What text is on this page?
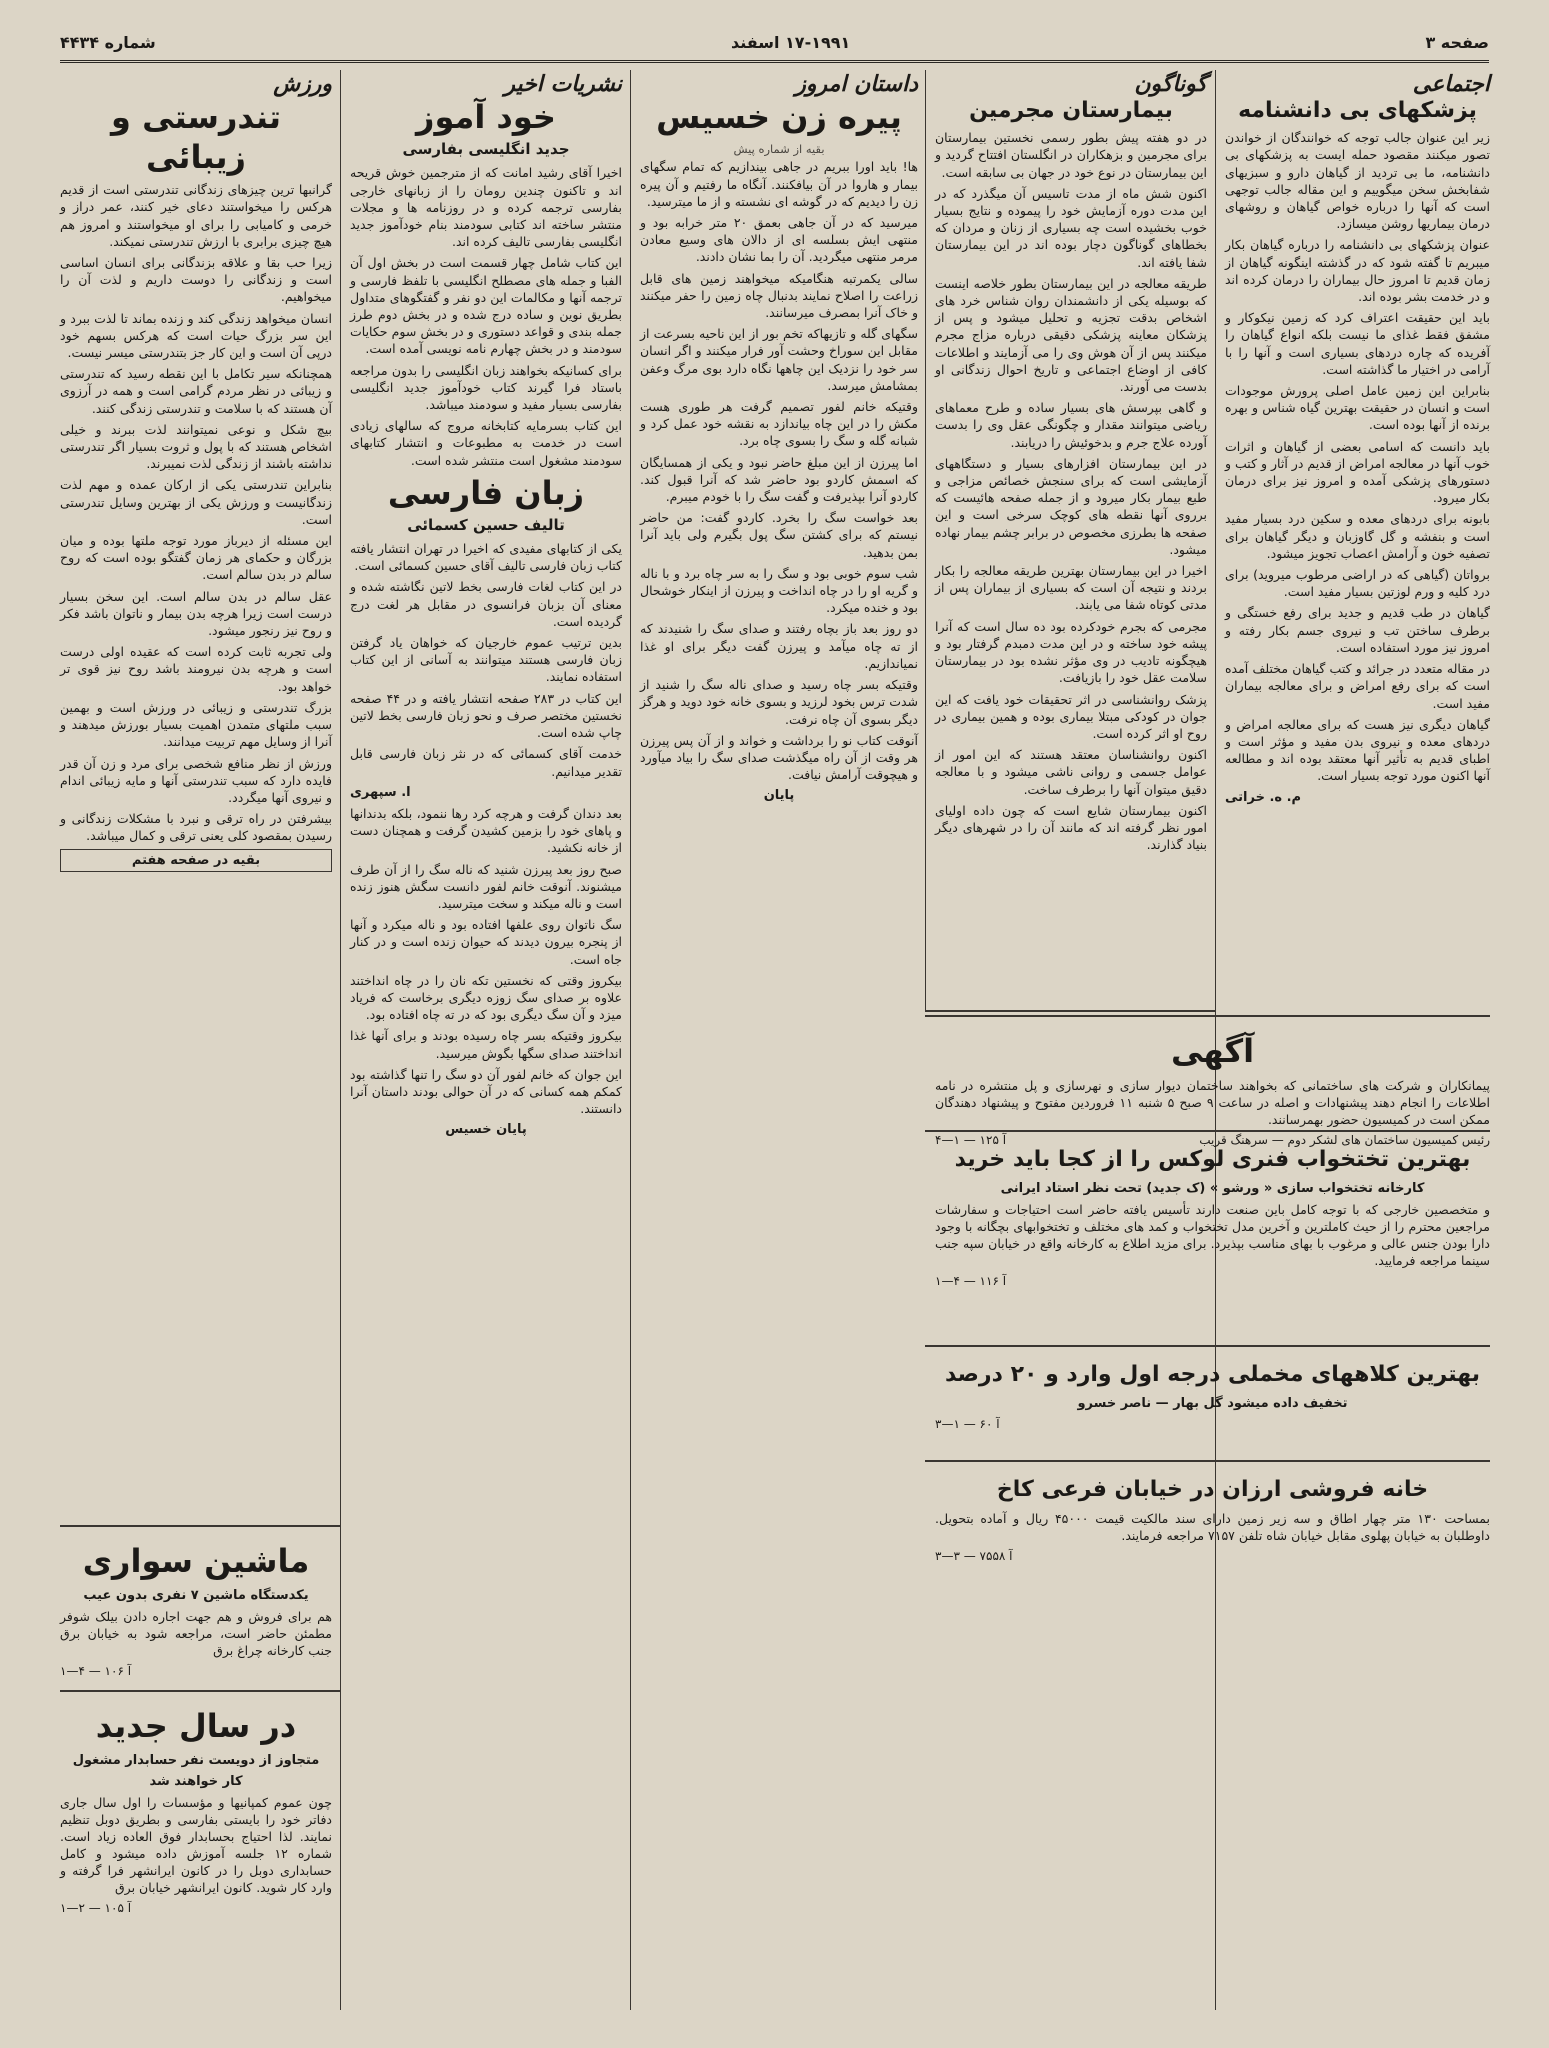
صفحه ۳
۱۷-۱۹۹۱ اسفند
شماره ۴۴۳۴
اجتماعی
پزشکهای بی دانشنامه

زیر این عنوان جالب توجه که خوانندگان از خواندن تصور میکنند مقصود حمله ایست به پزشکهای بی دانشنامه، ما بی تردید از گیاهان دارو و سبزیهای شفابخش سخن میگوییم و این مقاله جالب توجهی است که آنها را درباره خواص گیاهان و روشهای درمان بیماریها روشن میسازد.

عنوان پزشکهای بی دانشنامه را درباره گیاهان بکار میبریم تا گفته شود که در گذشته اینگونه گیاهان از زمان قدیم تا امروز حال بیماران را درمان کرده اند و در خدمت بشر بوده اند.

باید این حقیقت اعتراف کرد که زمین نیکوکار و مشفق فقط غذای ما نیست بلکه انواع گیاهان را آفریده که چاره دردهای بسیاری است و آنها را با آرامی در اختیار ما گذاشته است.

بنابراین این زمین عامل اصلی پرورش موجودات است و انسان در حقیقت بهترین گیاه شناس و بهره برنده از آنها بوده است.

باید دانست که اسامی بعضی از گیاهان و اثرات خوب آنها در معالجه امراض از قدیم در آثار و کتب و دستورهای پزشکی آمده و امروز نیز برای درمان بکار میرود.

بابونه برای دردهای معده و سکین درد بسیار مفید است و بنفشه و گل گاوزبان و دیگر گیاهان برای تصفیه خون و آرامش اعصاب تجویز میشود.

برواتان (گیاهی که در اراضی مرطوب میروید) برای درد کلیه و ورم لوزتین بسیار مفید است.

گیاهان در طب قدیم و جدید برای رفع خستگی و برطرف ساختن تب و نیروی جسم بکار رفته و امروز نیز مورد استفاده است.

در مقاله متعدد در جرائد و کتب گیاهان مختلف آمده است که برای رفع امراض و برای معالجه بیماران مفید است.

گیاهان دیگری نیز هست که برای معالجه امراض و دردهای معده و نیروی بدن مفید و مؤثر است و اطبای قدیم به تأثیر آنها معتقد بوده اند و مطالعه آنها اکنون مورد توجه بسیار است.

م. ه. خراتی
گوناگون
بیمارستان مجرمین

در دو هفته پیش بطور رسمی نخستین بیمارستان برای مجرمین و بزهکاران در انگلستان افتتاح گردید و این بیمارستان در نوع خود در جهان بی سابقه است.

اکنون شش ماه از مدت تاسیس آن میگذرد که در این مدت دوره آزمایش خود را پیموده و نتایج بسیار خوب بخشیده است چه بسیاری از زنان و مردان که بخطاهای گوناگون دچار بوده اند در این بیمارستان شفا یافته اند.

طریقه معالجه در این بیمارستان بطور خلاصه اینست که بوسیله یکی از دانشمندان روان شناس خرد های اشخاص بدقت تجزیه و تحلیل میشود و پس از پزشکان معاینه پزشکی دقیقی درباره مزاج مجرم میکنند پس از آن هوش وی را می آزمایند و اطلاعات کافی از اوضاع اجتماعی و تاریخ احوال زندگانی او بدست می آورند.

و گاهی بپرسش های بسیار ساده و طرح معماهای ریاضی میتوانند مقدار و چگونگی عقل وی را بدست آورده علاج جرم و بدخوئیش را دریابند.

در این بیمارستان افزارهای بسیار و دستگاههای آزمایشی است که برای سنجش خصائص مزاجی و طبع بیمار بکار میرود و از جمله صفحه هائیست که برروی آنها نقطه های کوچک سرخی است و این صفحه ها بطرزی مخصوص در برابر چشم بیمار نهاده میشود.

اخیرا در این بیمارستان بهترین طریقه معالجه را بکار بردند و نتیجه آن است که بسیاری از بیماران پس از مدتی کوتاه شفا می یابند.

مجرمی که بجرم خودکرده بود ده سال است که آنرا پیشه خود ساخته و در این مدت دمبدم گرفتار بود و هیچگونه تادیب در وی مؤثر نشده بود در بیمارستان سلامت عقل خود را بازیافت.

پزشک روانشناسی در اثر تحقیقات خود یافت که این جوان در کودکی مبتلا بیماری بوده و همین بیماری در روح او اثر کرده است.

اکنون روانشناسان معتقد هستند که این امور از عوامل جسمی و روانی ناشی میشود و با معالجه دقیق میتوان آنها را برطرف ساخت.

اکنون بیمارستان شایع است که چون داده اولیای امور نظر گرفته اند که مانند آن را در شهرهای دیگر بنیاد گذارند.

آگهی
پیمانکاران و شرکت های ساختمانی که بخواهند ساختمان دیوار سازی و نهرسازی و پل منتشره در نامه اطلاعات را انجام دهند پیشنهادات و اصله در ساعت ۹ صبح ۵ شنبه ۱۱ فروردین مفتوح و پیشنهاد دهندگان ممکن است در کمیسیون حضور بهمرسانند.
رئیس کمیسیون ساختمان های لشکر دوم — سرهنگ قریب
آ ۱۲۵ — ۱—۴
بهترین تختخواب فنری لوکس را از کجا باید خرید
کارخانه تختخواب سازی « ورشو » (ک جدید) تحت نظر استاد ایرانی
و متخصصین خارجی که با توجه کامل باین صنعت دارند تأسیس یافته حاضر است احتیاجات و سفارشات مراجعین محترم را از حیث کاملترین و آخرین مدل تختخواب و کمد های مختلف و تختخوابهای بچگانه با وجود دارا بودن جنس عالی و مرغوب با بهای مناسب بپذیرد. برای مزید اطلاع به کارخانه واقع در خیابان سپه جنب سینما مراجعه فرمایید.
آ ۱۱۶ — ۴—۱
بهترین کلاههای مخملی درجه اول وارد و ۲۰ درصد
تخفیف داده میشود گل بهار — ناصر خسرو
آ ۶۰ — ۱—۳
خانه فروشی ارزان در خیابان فرعی کاخ
بمساحت ۱۳۰ متر چهار اطاق و سه زیر زمین دارای سند مالکیت قیمت ۴۵۰۰۰ ریال و آماده بتحویل. داوطلبان به خیابان پهلوی مقابل خیابان شاه تلفن ۷۱۵۷ مراجعه فرمایند.
آ ۷۵۵۸ — ۳—۳
داستان امروز
پیره زن خسیس
بقیه از شماره پیش

ها! باید اورا ببریم در جاهی بیندازیم که تمام سگهای بیمار و هاروا در آن بیافکنند. آنگاه ما رفتیم و آن پیره زن را دیدیم که در گوشه ای نشسته و از ما میترسید.

میرسید که در آن جاهی بعمق ۲۰ متر خرابه بود و منتهی ایش بسلسه ای از دالان های وسیع معادن مرمر منتهی میگردید. آن را بما نشان دادند.

سالی یکمرتبه هنگامیکه میخواهند زمین های قابل زراعت را اصلاح نمایند بدنبال چاه زمین را حفر میکنند و خاک آنرا بمصرف میرسانند.

سگهای گله و تازیهاکه تخم بور از این ناحیه بسرعت از مقابل این سوراخ وحشت آور فرار میکنند و اگر انسان سر خود را نزدیک این چاهها نگاه دارد بوی مرگ وعفن بمشامش میرسد.

وقتیکه خانم لفور تصمیم گرفت هر طوری هست مکش را در این چاه بیاندازد به نقشه خود عمل کرد و شبانه گله و سگ را بسوی چاه برد.

اما پیرزن از این مبلغ حاضر نبود و یکی از همسایگان که اسمش کاردو بود حاضر شد که آنرا قبول کند. کاردو آنرا بپذیرفت و گفت سگ را با خودم میبرم.

بعد خواست سگ را بخرد. کاردو گفت: من حاضر نیستم که برای کشتن سگ پول بگیرم ولی باید آنرا بمن بدهید.

شب سوم خوبی بود و سگ را به سر چاه برد و با ناله و گریه او را در چاه انداخت و پیرزن از اینکار خوشحال بود و خنده میکرد.

دو روز بعد باز بچاه رفتند و صدای سگ را شنیدند که از ته چاه میآمد و پیرزن گفت دیگر برای او غذا نمیاندازیم.

وقتیکه بسر چاه رسید و صدای ناله سگ را شنید از شدت ترس بخود لرزید و بسوی خانه خود دوید و هرگز دیگر بسوی آن چاه نرفت.

آنوقت کتاب نو را برداشت و خواند و از آن پس پیرزن هر وقت از آن راه میگذشت صدای سگ را بیاد میآورد و هیچوقت آرامش نیافت.

پایان
نشریات اخیر
خود آموز
جدید انگلیسی بفارسی

اخیرا آقای رشید امانت که از مترجمین خوش قریحه اند و تاکنون چندین رومان را از زبانهای خارجی بفارسی ترجمه کرده و در روزنامه ها و مجلات منتشر ساخته اند کتابی سودمند بنام خودآموز جدید انگلیسی بفارسی تالیف کرده اند.

این کتاب شامل چهار قسمت است در بخش اول آن الفبا و جمله های مصطلح انگلیسی با تلفظ فارسی و ترجمه آنها و مکالمات این دو نفر و گفتگوهای متداول بطریق نوین و ساده درج شده و در بخش دوم طرز جمله بندی و قواعد دستوری و در بخش سوم حکایات سودمند و در بخش چهارم نامه نویسی آمده است.

برای کسانیکه بخواهند زبان انگلیسی را بدون مراجعه باستاد فرا گیرند کتاب خودآموز جدید انگلیسی بفارسی بسیار مفید و سودمند میباشد.

این کتاب بسرمایه کتابخانه مروج که سالهای زیادی است در خدمت به مطبوعات و انتشار کتابهای سودمند مشغول است منتشر شده است.

زبان فارسی
تالیف حسین کسمائی

یکی از کتابهای مفیدی که اخیرا در تهران انتشار یافته کتاب زبان فارسی تالیف آقای حسین کسمائی است.

در این کتاب لغات فارسی بخط لاتین نگاشته شده و معنای آن بزبان فرانسوی در مقابل هر لغت درج گردیده است.

بدین ترتیب عموم خارجیان که خواهان یاد گرفتن زبان فارسی هستند میتوانند به آسانی از این کتاب استفاده نمایند.

این کتاب در ۲۸۳ صفحه انتشار یافته و در ۴۴ صفحه نخستین مختصر صرف و نحو زبان فارسی بخط لاتین چاپ شده است.

خدمت آقای کسمائی که در نثر زبان فارسی قابل تقدیر میدانیم.

ا. سپهری

بعد دندان گرفت و هرچه کرد رها ننمود، بلکه بدندانها و پاهای خود را بزمین کشیدن گرفت و همچنان دست از خانه نکشید.

صبح روز بعد پیرزن شنید که ناله سگ را از آن طرف میشنوند. آنوقت خانم لفور دانست سگش هنوز زنده است و ناله میکند و سخت میترسید.

سگ ناتوان روی علفها افتاده بود و ناله میکرد و آنها از پنجره بیرون دیدند که حیوان زنده است و در کنار جاه است.

بیکروز وقتی که نخستین تکه نان را در چاه انداختند علاوه بر صدای سگ زوزه دیگری برخاست که فریاد میزد و آن سگ دیگری بود که در ته چاه افتاده بود.

بیکروز وقتیکه بسر چاه رسیده بودند و برای آنها غذا انداختند صدای سگها بگوش میرسید.

این جوان که خانم لفور آن دو سگ را تنها گذاشته بود کمکم همه کسانی که در آن حوالی بودند داستان آنرا دانستند.

پایان خسیس
ورزش
تندرستی و زیبائی

گرانبها ترین چیزهای زندگانی تندرستی است از قدیم هرکس را میخواستند دعای خیر کنند، عمر دراز و خرمی و کامیابی را برای او میخواستند و امروز هم هیچ چیزی برابری با ارزش تندرستی نمیکند.

زیرا حب بقا و علاقه بزندگانی برای انسان اساسی است و زندگانی را دوست داریم و لذت آن را میخواهیم.

انسان میخواهد زندگی کند و زنده بماند تا لذت ببرد و این سر بزرگ حیات است که هرکس بسهم خود درپی آن است و این کار جز بتندرستی میسر نیست.

همچنانکه سیر تکامل با این نقطه رسید که تندرستی و زیبائی در نظر مردم گرامی است و همه در آرزوی آن هستند که با سلامت و تندرستی زندگی کنند.

بیچ شکل و نوعی نمیتوانند لذت ببرند و خیلی اشخاص هستند که با پول و ثروت بسیار اگر تندرستی نداشته باشند از زندگی لذت نمیبرند.

بنابراین تندرستی یکی از ارکان عمده و مهم لذت زندگانیست و ورزش یکی از بهترین وسایل تندرستی است.

این مسئله از دیرباز مورد توجه ملتها بوده و میان بزرگان و حکمای هر زمان گفتگو بوده است که روح سالم در بدن سالم است.

عقل سالم در بدن سالم است. این سخن بسیار درست است زیرا هرچه بدن بیمار و ناتوان باشد فکر و روح نیز رنجور میشود.

ولی تجربه ثابت کرده است که عقیده اولی درست است و هرچه بدن نیرومند باشد روح نیز قوی تر خواهد بود.

بزرگ تندرستی و زیبائی در ورزش است و بهمین سبب ملتهای متمدن اهمیت بسیار بورزش میدهند و آنرا از وسایل مهم تربیت میدانند.

ورزش از نظر منافع شخصی برای مرد و زن آن قدر فایده دارد که سبب تندرستی آنها و مایه زیبائی اندام و نیروی آنها میگردد.

بیشرفتن در راه ترقی و نبرد با مشکلات زندگانی و رسیدن بمقصود کلی یعنی ترقی و کمال میباشد.

بقیه در صفحه هفتم
ماشین سواری
یکدستگاه ماشین ۷ نفری بدون عیب
هم برای فروش و هم جهت اجاره دادن بیلک شوفر مطمئن حاضر است، مراجعه شود به خیابان برق جنب کارخانه چراغ برق
آ ۱۰۶ — ۴—۱
در سال جدید
متجاوز از دویست نفر حسابدار مشغول
کار خواهند شد
چون عموم کمپانیها و مؤسسات را اول سال جاری دفاتر خود را بایستی بفارسی و بطریق دوبل تنظیم نمایند. لذا احتیاج بحسابدار فوق العاده زیاد است. شماره ۱۲ جلسه آموزش داده میشود و کامل حسابداری دوبل را در کانون ایرانشهر فرا گرفته و وارد کار شوید. کانون ایرانشهر خیابان برق
آ ۱۰۵ — ۲—۱
